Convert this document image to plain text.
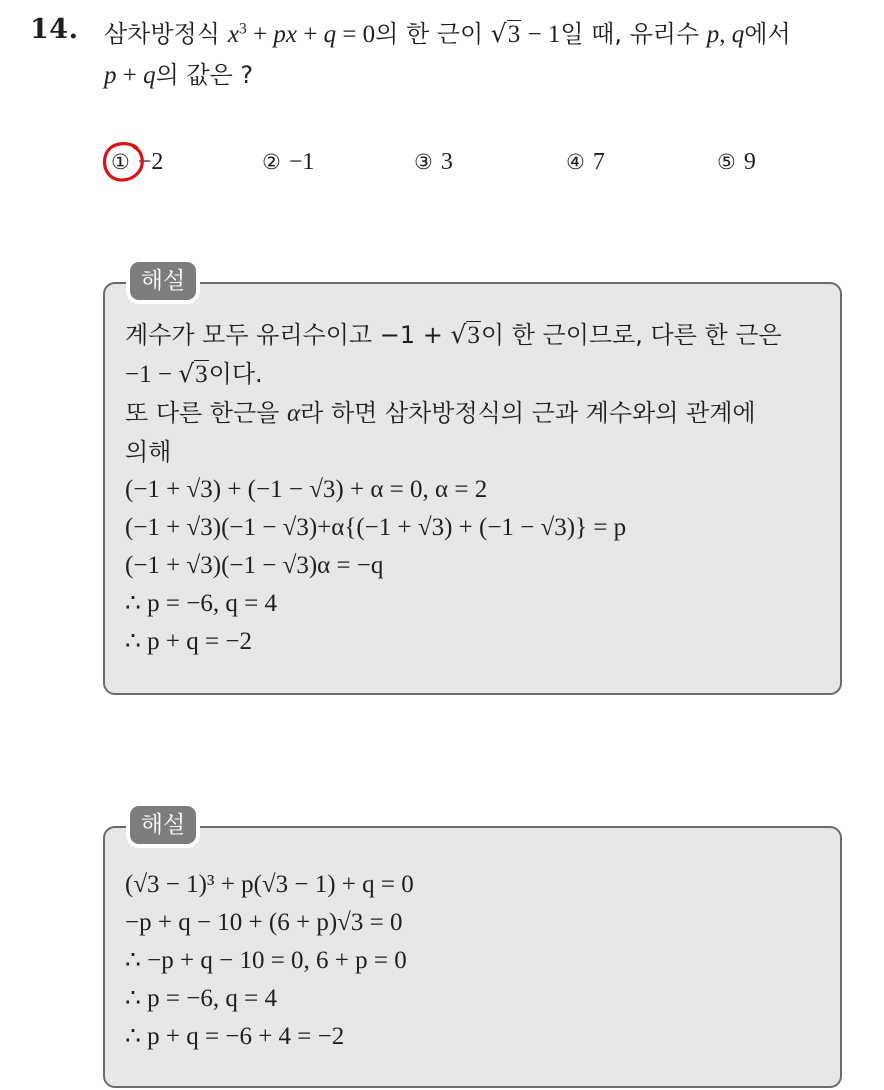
14. 삼차방정식 $x^3$ + px + q = 0의 한 근이 √3 − 1일 때, 유리수 p, q에서
p + q의 값은 ?
① −2	② −1	③ 3	④ 7	⑤ 9
계수가 모두 유리수이고 −1 + √3이 한 근이므로, 다른 한 근은
−1 − √3이다.
또 다른 한근을 α라 하면 삼차방정식의 근과 계수와의 관계에
의해
(−1 + √3) + (−1 − √3) + α = 0, α = 2
(−1 + √3)(−1 − √3)+α{(−1 + √3) + (−1 − √3)} = p
(−1 + √3)(−1 − √3)α = −q
∴ p = −6, q = 4
∴ p + q = −2
해설
(√3 − 1)³ + p(√3 − 1) + q = 0
−p + q − 10 + (6 + p)√3 = 0
∴ −p + q − 10 = 0, 6 + p = 0
∴ p = −6, q = 4
∴ p + q = −6 + 4 = −2
해설
